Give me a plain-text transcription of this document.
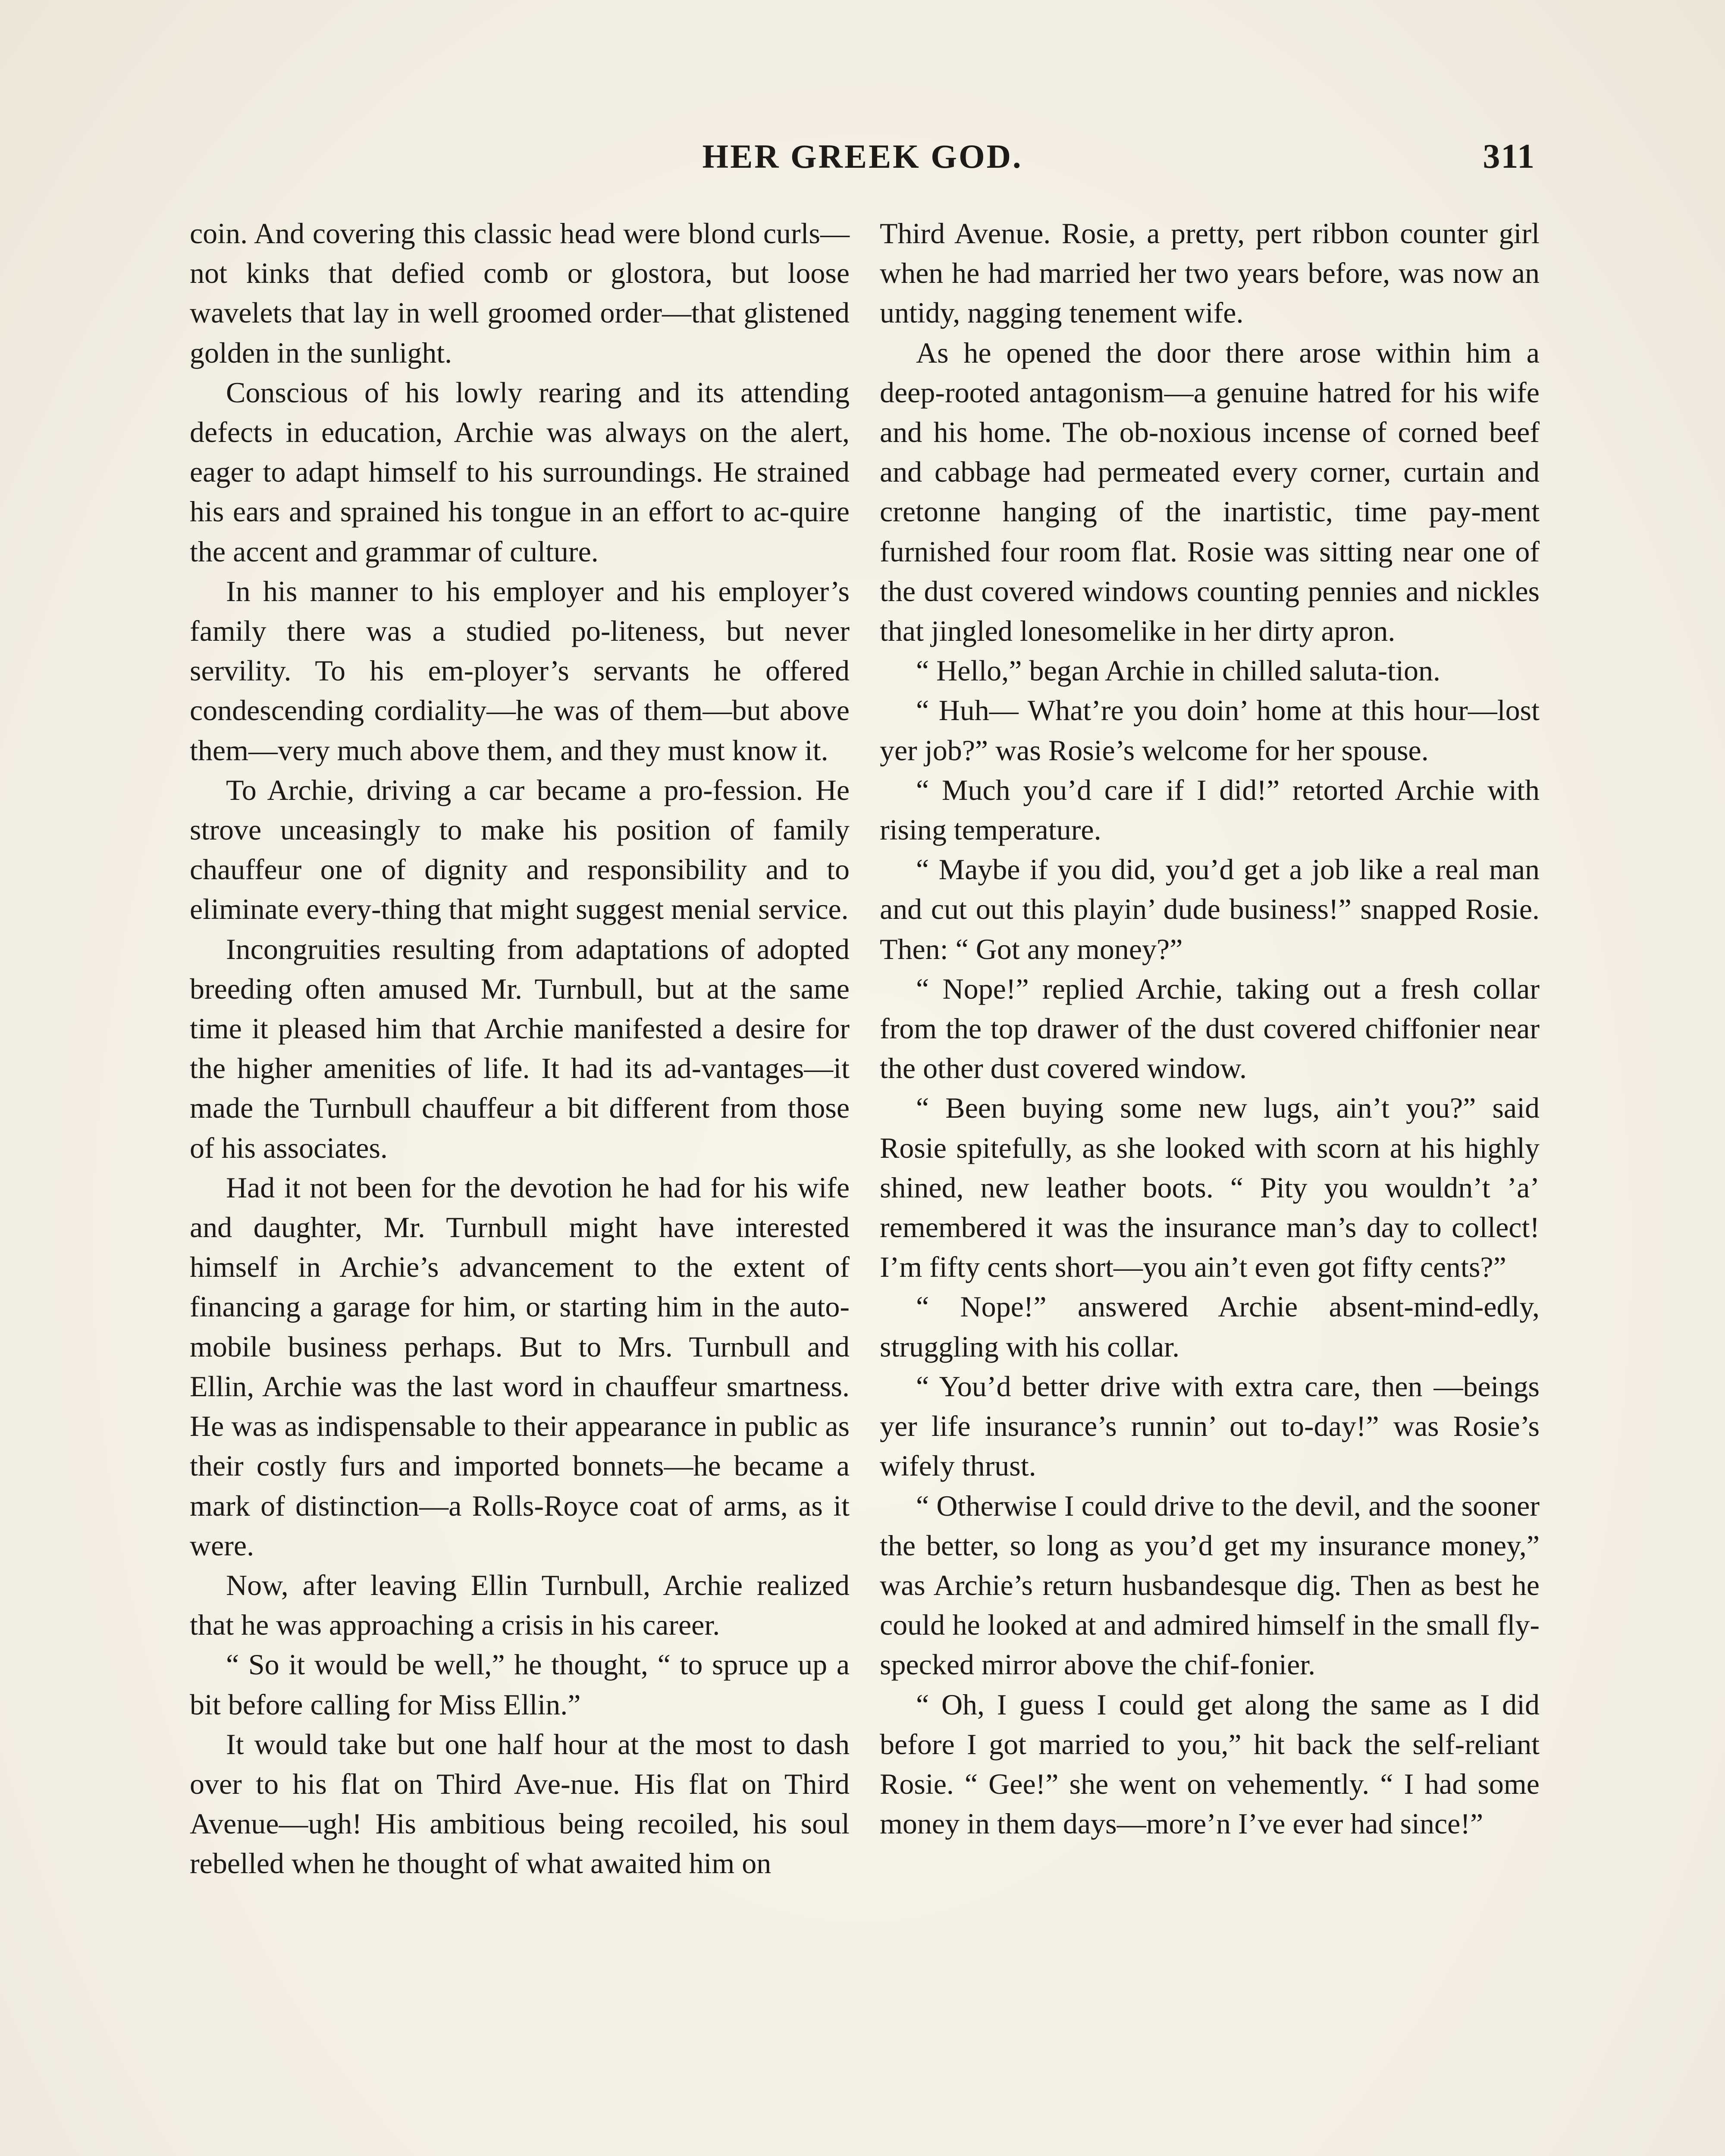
HER GREEK GOD.	311

coin. And covering this classic head were blond curls—not kinks that defied comb or glostora, but loose wavelets that lay in well groomed order—that glistened golden in the sunlight.

Conscious of his lowly rearing and its attending defects in education, Archie was always on the alert, eager to adapt himself to his surroundings. He strained his ears and sprained his tongue in an effort to ac-quire the accent and grammar of culture.

In his manner to his employer and his employer’s family there was a studied po-liteness, but never servility. To his em-ployer’s servants he offered condescending cordiality—he was of them—but above them—very much above them, and they must know it.

To Archie, driving a car became a pro-fession. He strove unceasingly to make his position of family chauffeur one of dignity and responsibility and to eliminate every-thing that might suggest menial service.

Incongruities resulting from adaptations of adopted breeding often amused Mr. Turnbull, but at the same time it pleased him that Archie manifested a desire for the higher amenities of life. It had its ad-vantages—it made the Turnbull chauffeur a bit different from those of his associates.

Had it not been for the devotion he had for his wife and daughter, Mr. Turnbull might have interested himself in Archie’s advancement to the extent of financing a garage for him, or starting him in the auto-mobile business perhaps. But to Mrs. Turnbull and Ellin, Archie was the last word in chauffeur smartness. He was as indispensable to their appearance in public as their costly furs and imported bonnets—he became a mark of distinction—a Rolls-Royce coat of arms, as it were.

Now, after leaving Ellin Turnbull, Archie realized that he was approaching a crisis in his career.

“ So it would be well,” he thought, “ to spruce up a bit before calling for Miss Ellin.”

It would take but one half hour at the most to dash over to his flat on Third Ave-nue. His flat on Third Avenue—ugh! His ambitious being recoiled, his soul rebelled when he thought of what awaited him on

Third Avenue. Rosie, a pretty, pert ribbon counter girl when he had married her two years before, was now an untidy, nagging tenement wife.

As he opened the door there arose within him a deep-rooted antagonism—a genuine hatred for his wife and his home. The ob-noxious incense of corned beef and cabbage had permeated every corner, curtain and cretonne hanging of the inartistic, time pay-ment furnished four room flat. Rosie was sitting near one of the dust covered windows counting pennies and nickles that jingled lonesomelike in her dirty apron.

“ Hello,” began Archie in chilled saluta-tion.

“ Huh— What’re you doin’ home at this hour—lost yer job?” was Rosie’s welcome for her spouse.

“ Much you’d care if I did!” retorted Archie with rising temperature.

“ Maybe if you did, you’d get a job like a real man and cut out this playin’ dude business!” snapped Rosie. Then: “ Got any money?”

“ Nope!” replied Archie, taking out a fresh collar from the top drawer of the dust covered chiffonier near the other dust covered window.

“ Been buying some new lugs, ain’t you?” said Rosie spitefully, as she looked with scorn at his highly shined, new leather boots. “ Pity you wouldn’t ’a’ remembered it was the insurance man’s day to collect! I’m fifty cents short—you ain’t even got fifty cents?”

“ Nope!” answered Archie absent-mind-edly, struggling with his collar.

“ You’d better drive with extra care, then —beings yer life insurance’s runnin’ out to-day!” was Rosie’s wifely thrust.

“ Otherwise I could drive to the devil, and the sooner the better, so long as you’d get my insurance money,” was Archie’s return husbandesque dig. Then as best he could he looked at and admired himself in the small fly-specked mirror above the chif-fonier.

“ Oh, I guess I could get along the same as I did before I got married to you,” hit back the self-reliant Rosie. “ Gee!” she went on vehemently. “ I had some money in them days—more’n I’ve ever had since!”
